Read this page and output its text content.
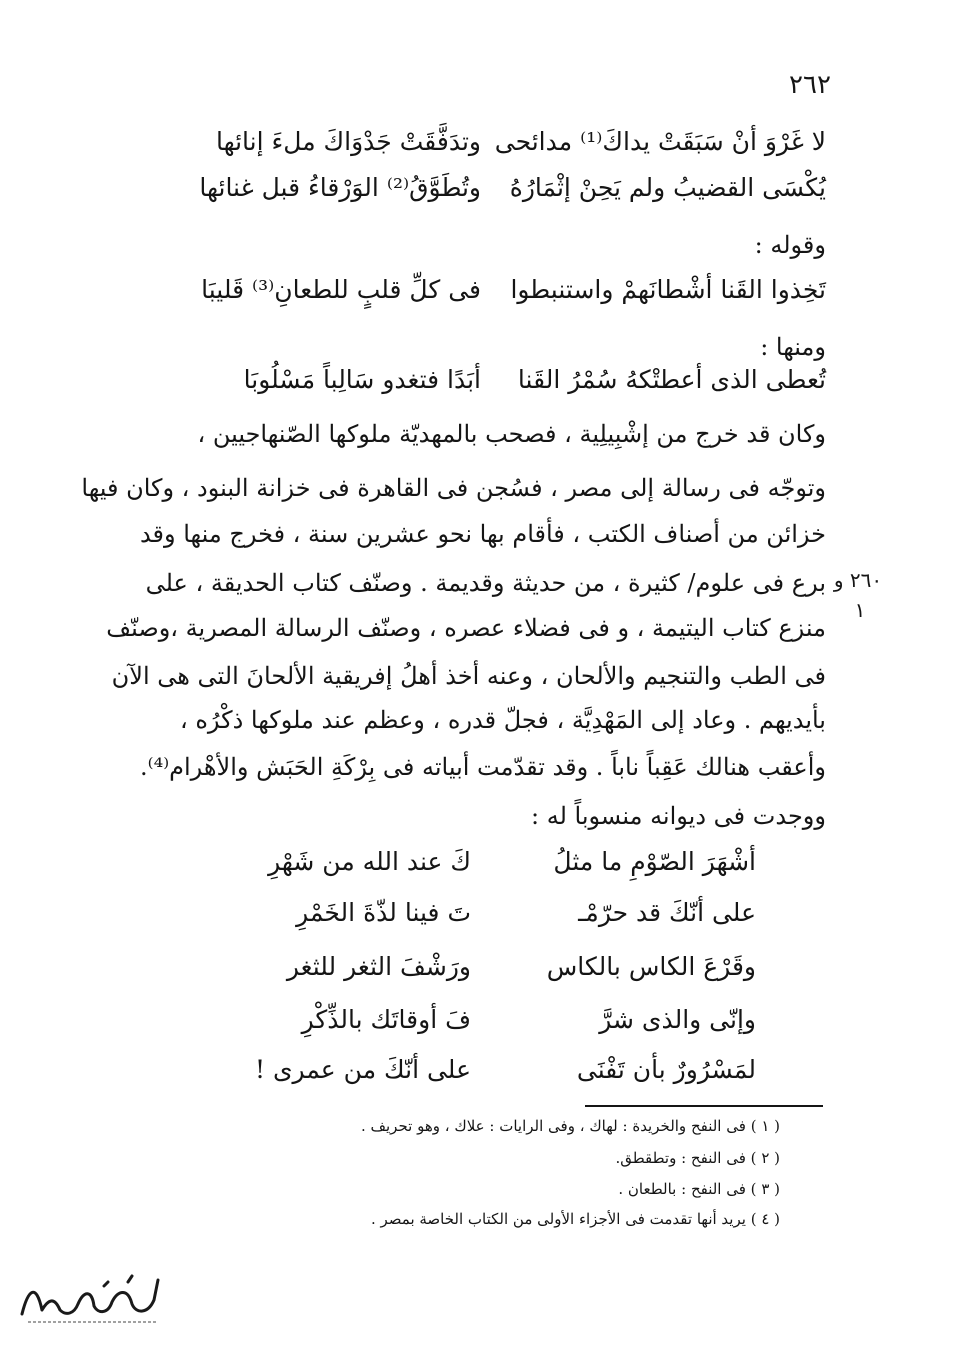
٢٦٢
لا غَرْوَ أنْ سَبَقَتْ يداكَ⁽¹⁾ مدائحى
وتدَفَّقَتْ جَدْوَاكَ ملءَ إنائها
يُكْسَى القضيبُ ولم يَحِنْ إثْمَارُهُ
وتُطَوَّقُ⁽²⁾ الوَرْقاءُ قبل غنائها
وقوله :
تَخِذوا القَنا أشْطانَهمْ واستنبطوا
فى كلِّ قلبٍ للطعانِ⁽³⁾ قَليبَا
ومنها :
تُعطى الذى أعطتْكهُ سُمْرُ القَنا
أبَدًا فتغدو سَالِباً مَسْلُوبَا
وكان قد خرج من إشْبِيلِية ، فصحب بالمهديّة ملوكها الصّنهاجيين ،
وتوجّه فى رسالة إلى مصر ، فسُجن فى القاهرة فى خزانة البنود ، وكان فيها
خزائن من أصناف الكتب ، فأقام بها نحو عشرين سنة ، فخرج منها وقد
برع فى علوم/ كثيرة ، من حديثة وقديمة . وصنّف كتاب الحديقة ، على
منزع كتاب اليتيمة ، و فى فضلاء عصره ، وصنّف الرسالة المصرية ،وصنّف
فى الطب والتنجيم والألحان ، وعنه أخذ أهلُ إفريقية الألحانَ التى هى الآن
بأيديهم . وعاد إلى المَهْدِيَّة ، فجلّ قدره ، وعظم عند ملوكها ذكْرُه ،
وأعقب هنالك عَقِباً ناباً . وقد تقدّمت أبياته فى بِرْكَةِ الحَبَش والأهْرام⁽⁴⁾.
ووجدت فى ديوانه منسوباً له :
٢٦٠ و
١
أشْهَرَ الصّوْمِ ما مثلُ
كَ عند الله من شَهْرِ
على أنّكَ قد حرّمْـ
تَ فينا لذّةَ الخَمْرِ
وقَرْعَ الكاس بالكاس
ورَشْفَ الثغر للثغر
وإنّى والذى شرَّ
فَ أوقاتَك بالذِّكْرِ
لمَسْرُورٌ بأن تَفْنَى
على أنّكَ من عمرى !
( ١ ) فى النفح والخريدة : لهاك ، وفى الرايات : علاك ، وهو تحريف .
( ٢ ) فى النفح : وتطقطق.
( ٣ ) فى النفح : بالطعان .
( ٤ ) يريد أنها تقدمت فى الأجزاء الأولى من الكتاب الخاصة بمصر .
